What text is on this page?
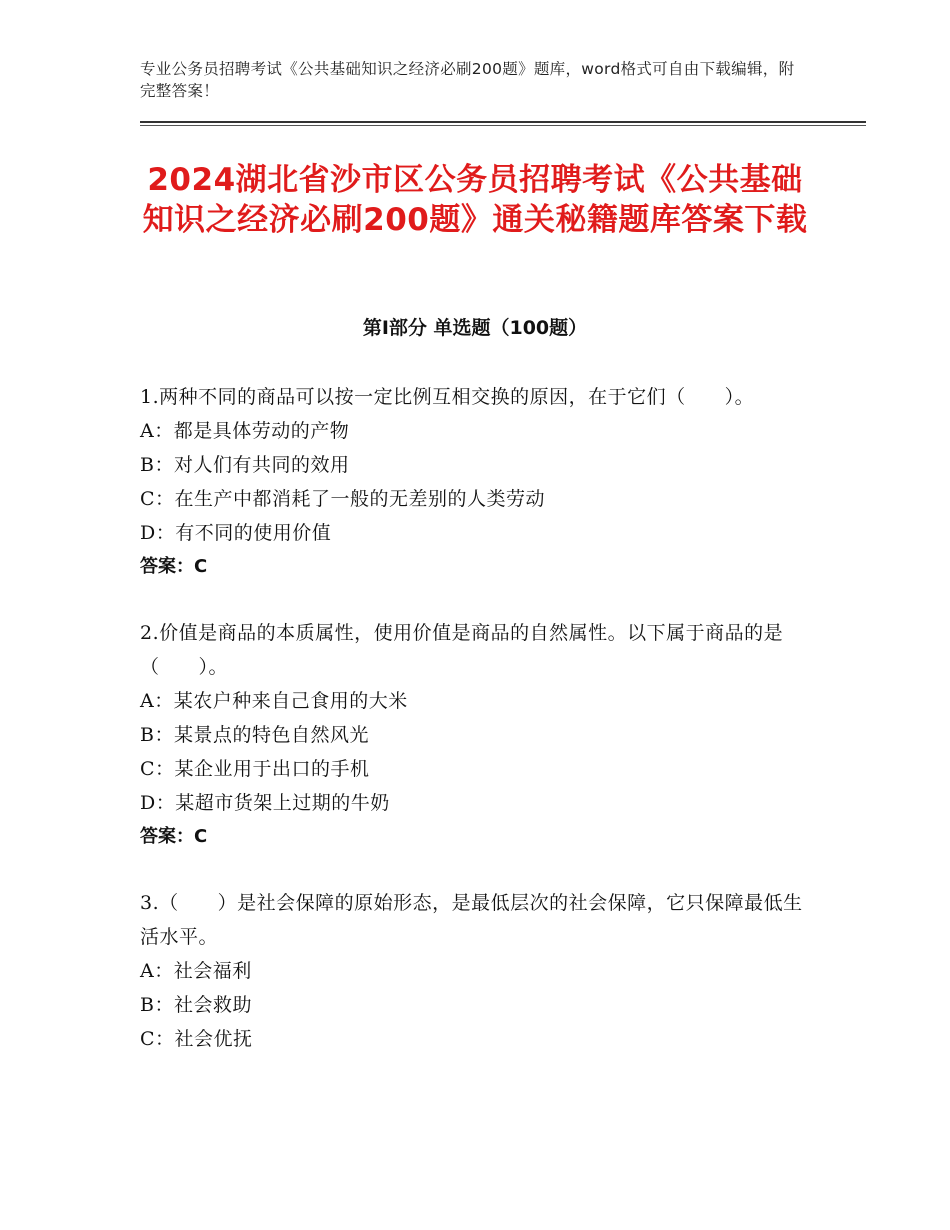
专业公务员招聘考试《公共基础知识之经济必刷200题》题库，word格式可自由下载编辑，附完整答案！
2024湖北省沙市区公务员招聘考试《公共基础知识之经济必刷200题》通关秘籍题库答案下载
第I部分 单选题（100题）

1.两种不同的商品可以按一定比例互相交换的原因，在于它们（　　）。

A：都是具体劳动的产物

B：对人们有共同的效用

C：在生产中都消耗了一般的无差别的人类劳动

D：有不同的使用价值

答案：C

2.价值是商品的本质属性，使用价值是商品的自然属性。以下属于商品的是（　　）。

A：某农户种来自己食用的大米

B：某景点的特色自然风光

C：某企业用于出口的手机

D：某超市货架上过期的牛奶

答案：C

3.（　　）是社会保障的原始形态，是最低层次的社会保障，它只保障最低生活水平。

A：社会福利

B：社会救助

C：社会优抚
